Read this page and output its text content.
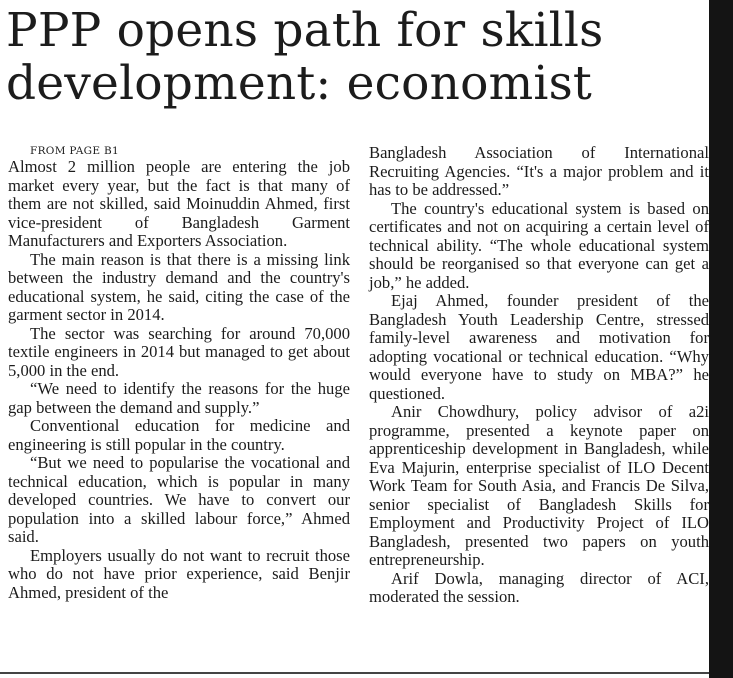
PPP opens path for skills
development: economist

FROM PAGE B1

Almost 2 million people are entering the job market every year, but the fact is that many of them are not skilled, said Moinuddin Ahmed, first vice-president of Bangladesh Garment Manufacturers and Exporters Association.

The main reason is that there is a missing link between the industry demand and the country's educational system, he said, citing the case of the garment sector in 2014.

The sector was searching for around 70,000 textile engineers in 2014 but managed to get about 5,000 in the end.

“We need to identify the reasons for the huge gap between the demand and supply.”

Conventional education for medicine and engineering is still popular in the country.

“But we need to popularise the vocational and technical education, which is popular in many developed countries. We have to convert our population into a skilled labour force,” Ahmed said.

Employers usually do not want to recruit those who do not have prior experience, said Benjir Ahmed, president of the

Bangladesh Association of International Recruiting Agencies. “It's a major problem and it has to be addressed.”

The country's educational system is based on certificates and not on acquiring a certain level of technical ability. “The whole educational system should be reorganised so that everyone can get a job,” he added.

Ejaj Ahmed, founder president of the Bangladesh Youth Leadership Centre, stressed family-level awareness and motivation for adopting vocational or technical education. “Why would everyone have to study on MBA?” he questioned.

Anir Chowdhury, policy advisor of a2i programme, presented a keynote paper on apprenticeship development in Bangladesh, while Eva Majurin, enterprise specialist of ILO Decent Work Team for South Asia, and Francis De Silva, senior specialist of Bangladesh Skills for Employment and Productivity Project of ILO Bangladesh, presented two papers on youth entrepreneurship.

Arif Dowla, managing director of ACI, moderated the session.
